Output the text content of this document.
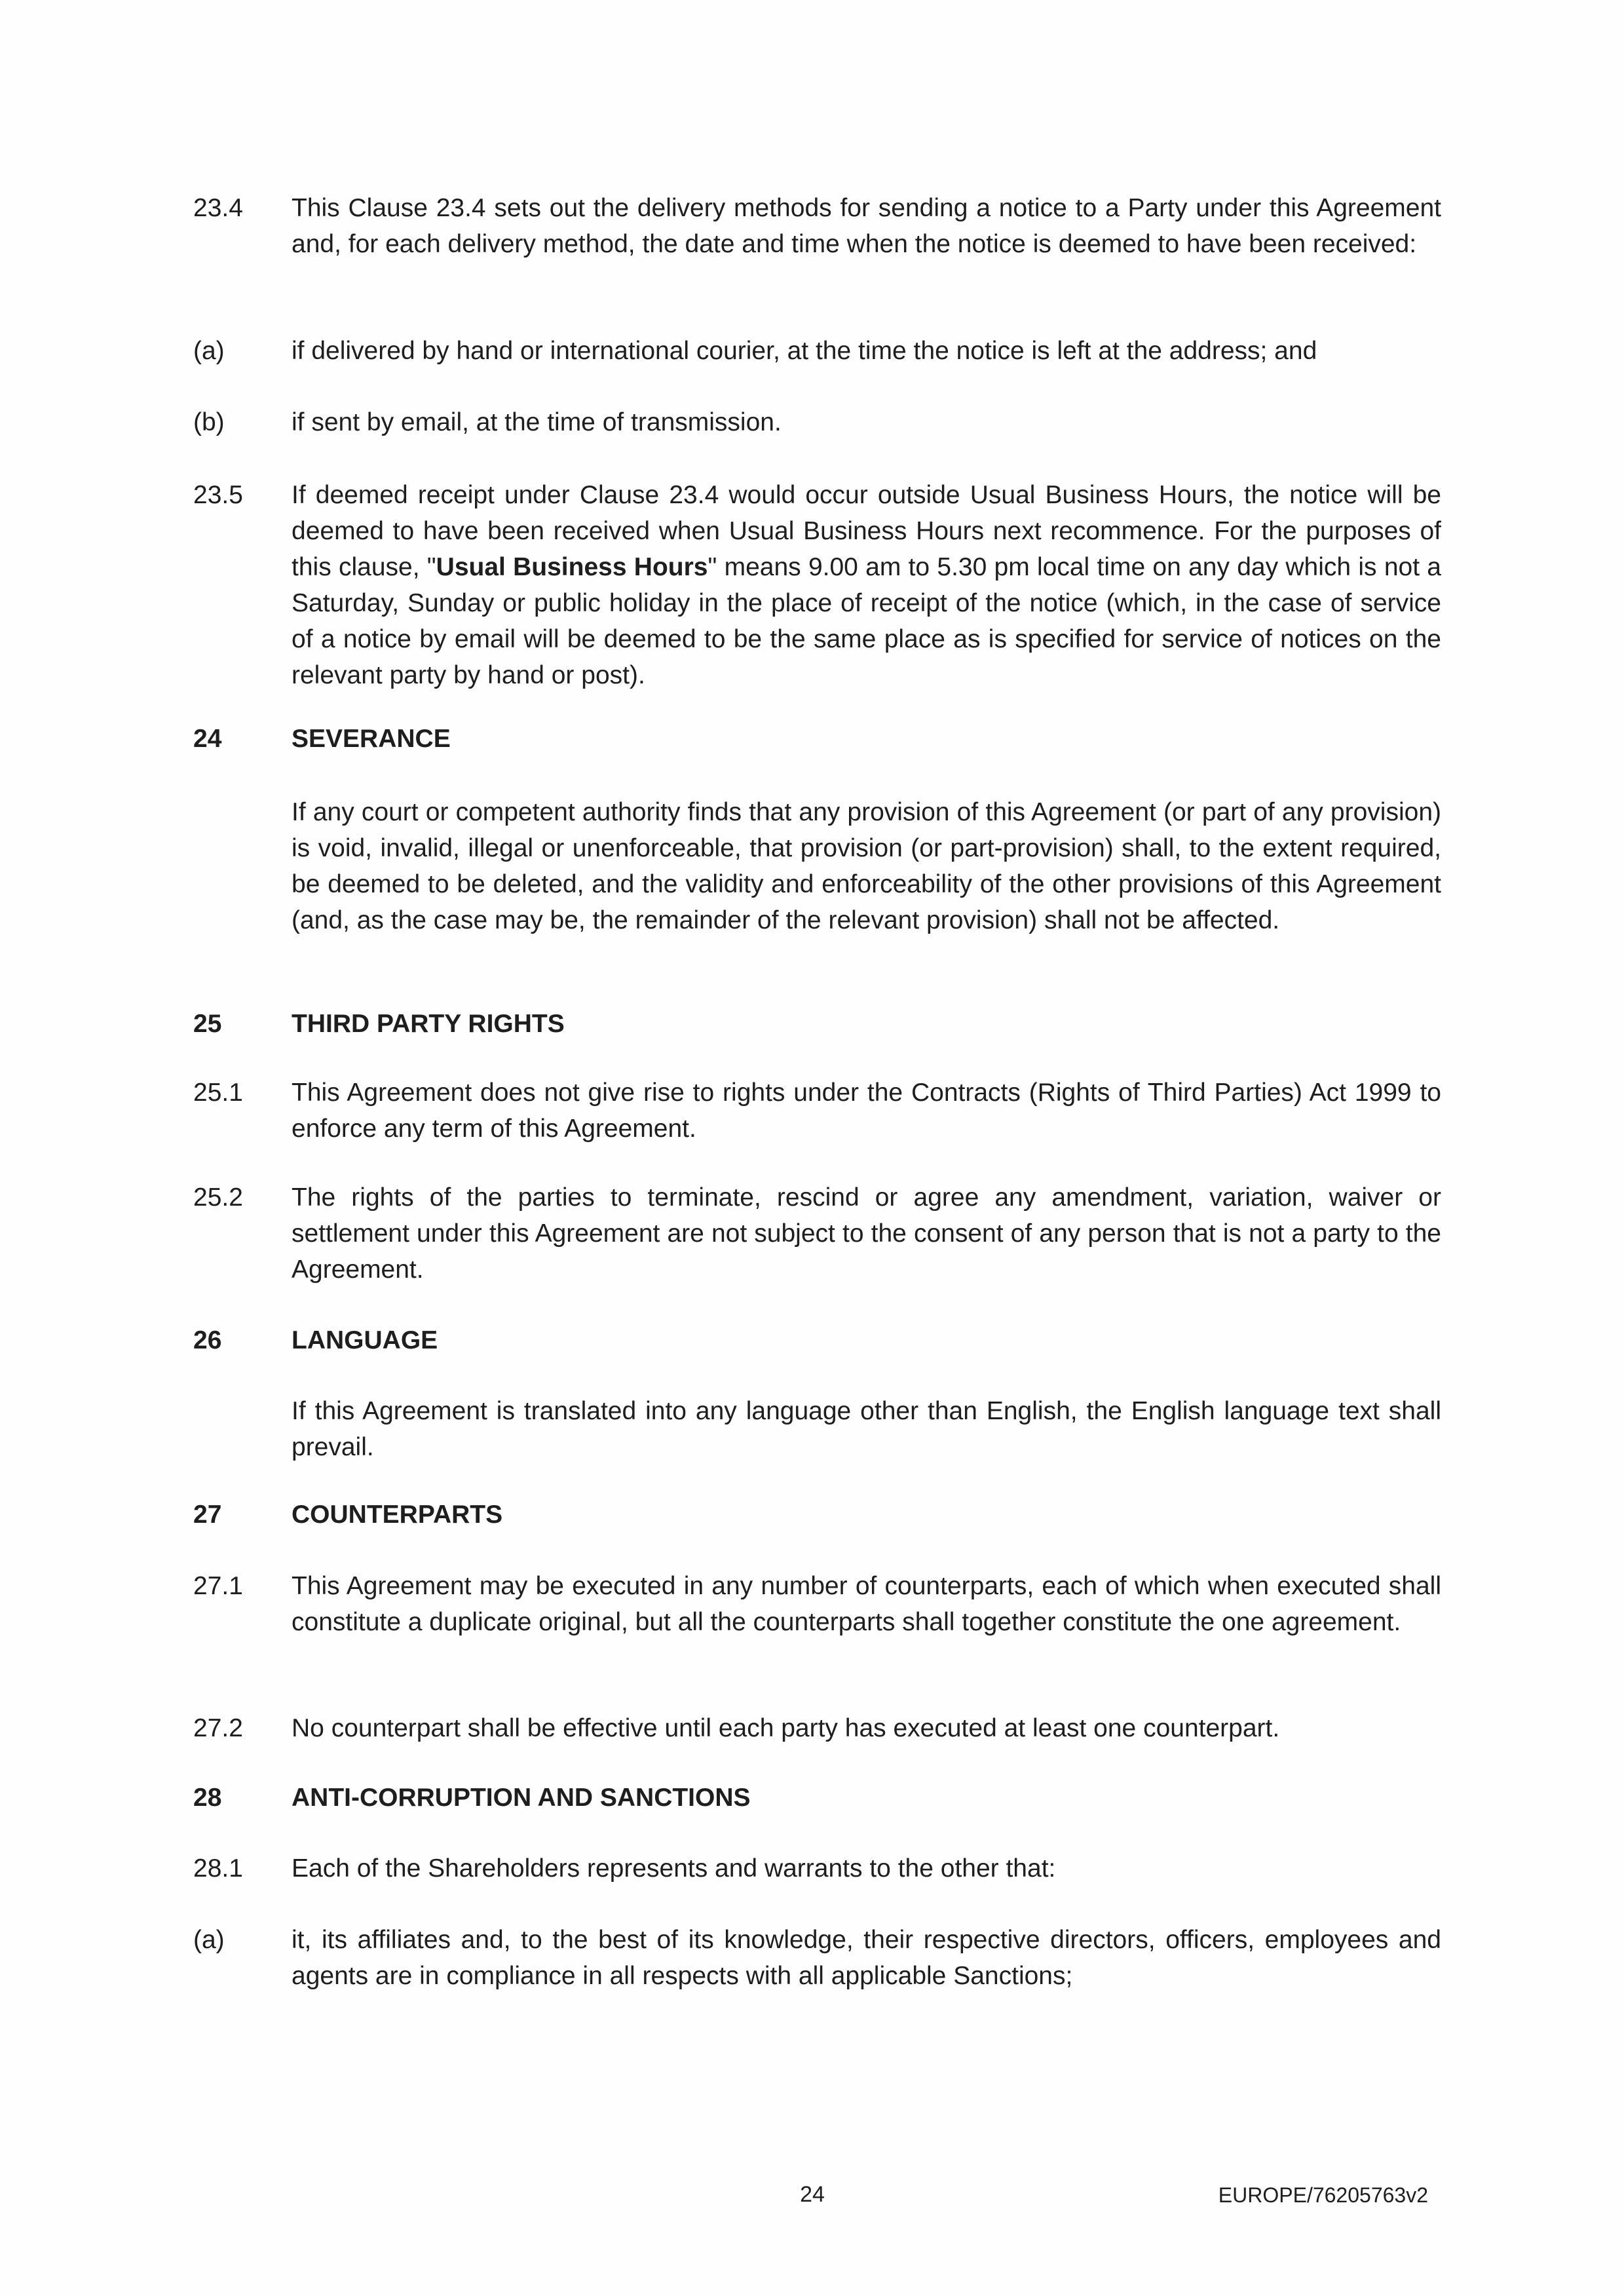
23.4	This Clause 23.4 sets out the delivery methods for sending a notice to a Party under this Agreement and, for each delivery method, the date and time when the notice is deemed to have been received:
(a)	if delivered by hand or international courier, at the time the notice is left at the address; and
(b)	if sent by email, at the time of transmission.
23.5	If deemed receipt under Clause 23.4 would occur outside Usual Business Hours, the notice will be deemed to have been received when Usual Business Hours next recommence. For the purposes of this clause, "Usual Business Hours" means 9.00 am to 5.30 pm local time on any day which is not a Saturday, Sunday or public holiday in the place of receipt of the notice (which, in the case of service of a notice by email will be deemed to be the same place as is specified for service of notices on the relevant party by hand or post).
24	SEVERANCE
If any court or competent authority finds that any provision of this Agreement (or part of any provision) is void, invalid, illegal or unenforceable, that provision (or part-provision) shall, to the extent required, be deemed to be deleted, and the validity and enforceability of the other provisions of this Agreement (and, as the case may be, the remainder of the relevant provision) shall not be affected.
25	THIRD PARTY RIGHTS
25.1	This Agreement does not give rise to rights under the Contracts (Rights of Third Parties) Act 1999 to enforce any term of this Agreement.
25.2	The rights of the parties to terminate, rescind or agree any amendment, variation, waiver or settlement under this Agreement are not subject to the consent of any person that is not a party to the Agreement.
26	LANGUAGE
If this Agreement is translated into any language other than English, the English language text shall prevail.
27	COUNTERPARTS
27.1	This Agreement may be executed in any number of counterparts, each of which when executed shall constitute a duplicate original, but all the counterparts shall together constitute the one agreement.
27.2	No counterpart shall be effective until each party has executed at least one counterpart.
28	ANTI-CORRUPTION AND SANCTIONS
28.1	Each of the Shareholders represents and warrants to the other that:
(a)	it, its affiliates and, to the best of its knowledge, their respective directors, officers, employees and agents are in compliance in all respects with all applicable Sanctions;
24	EUROPE/76205763v2
